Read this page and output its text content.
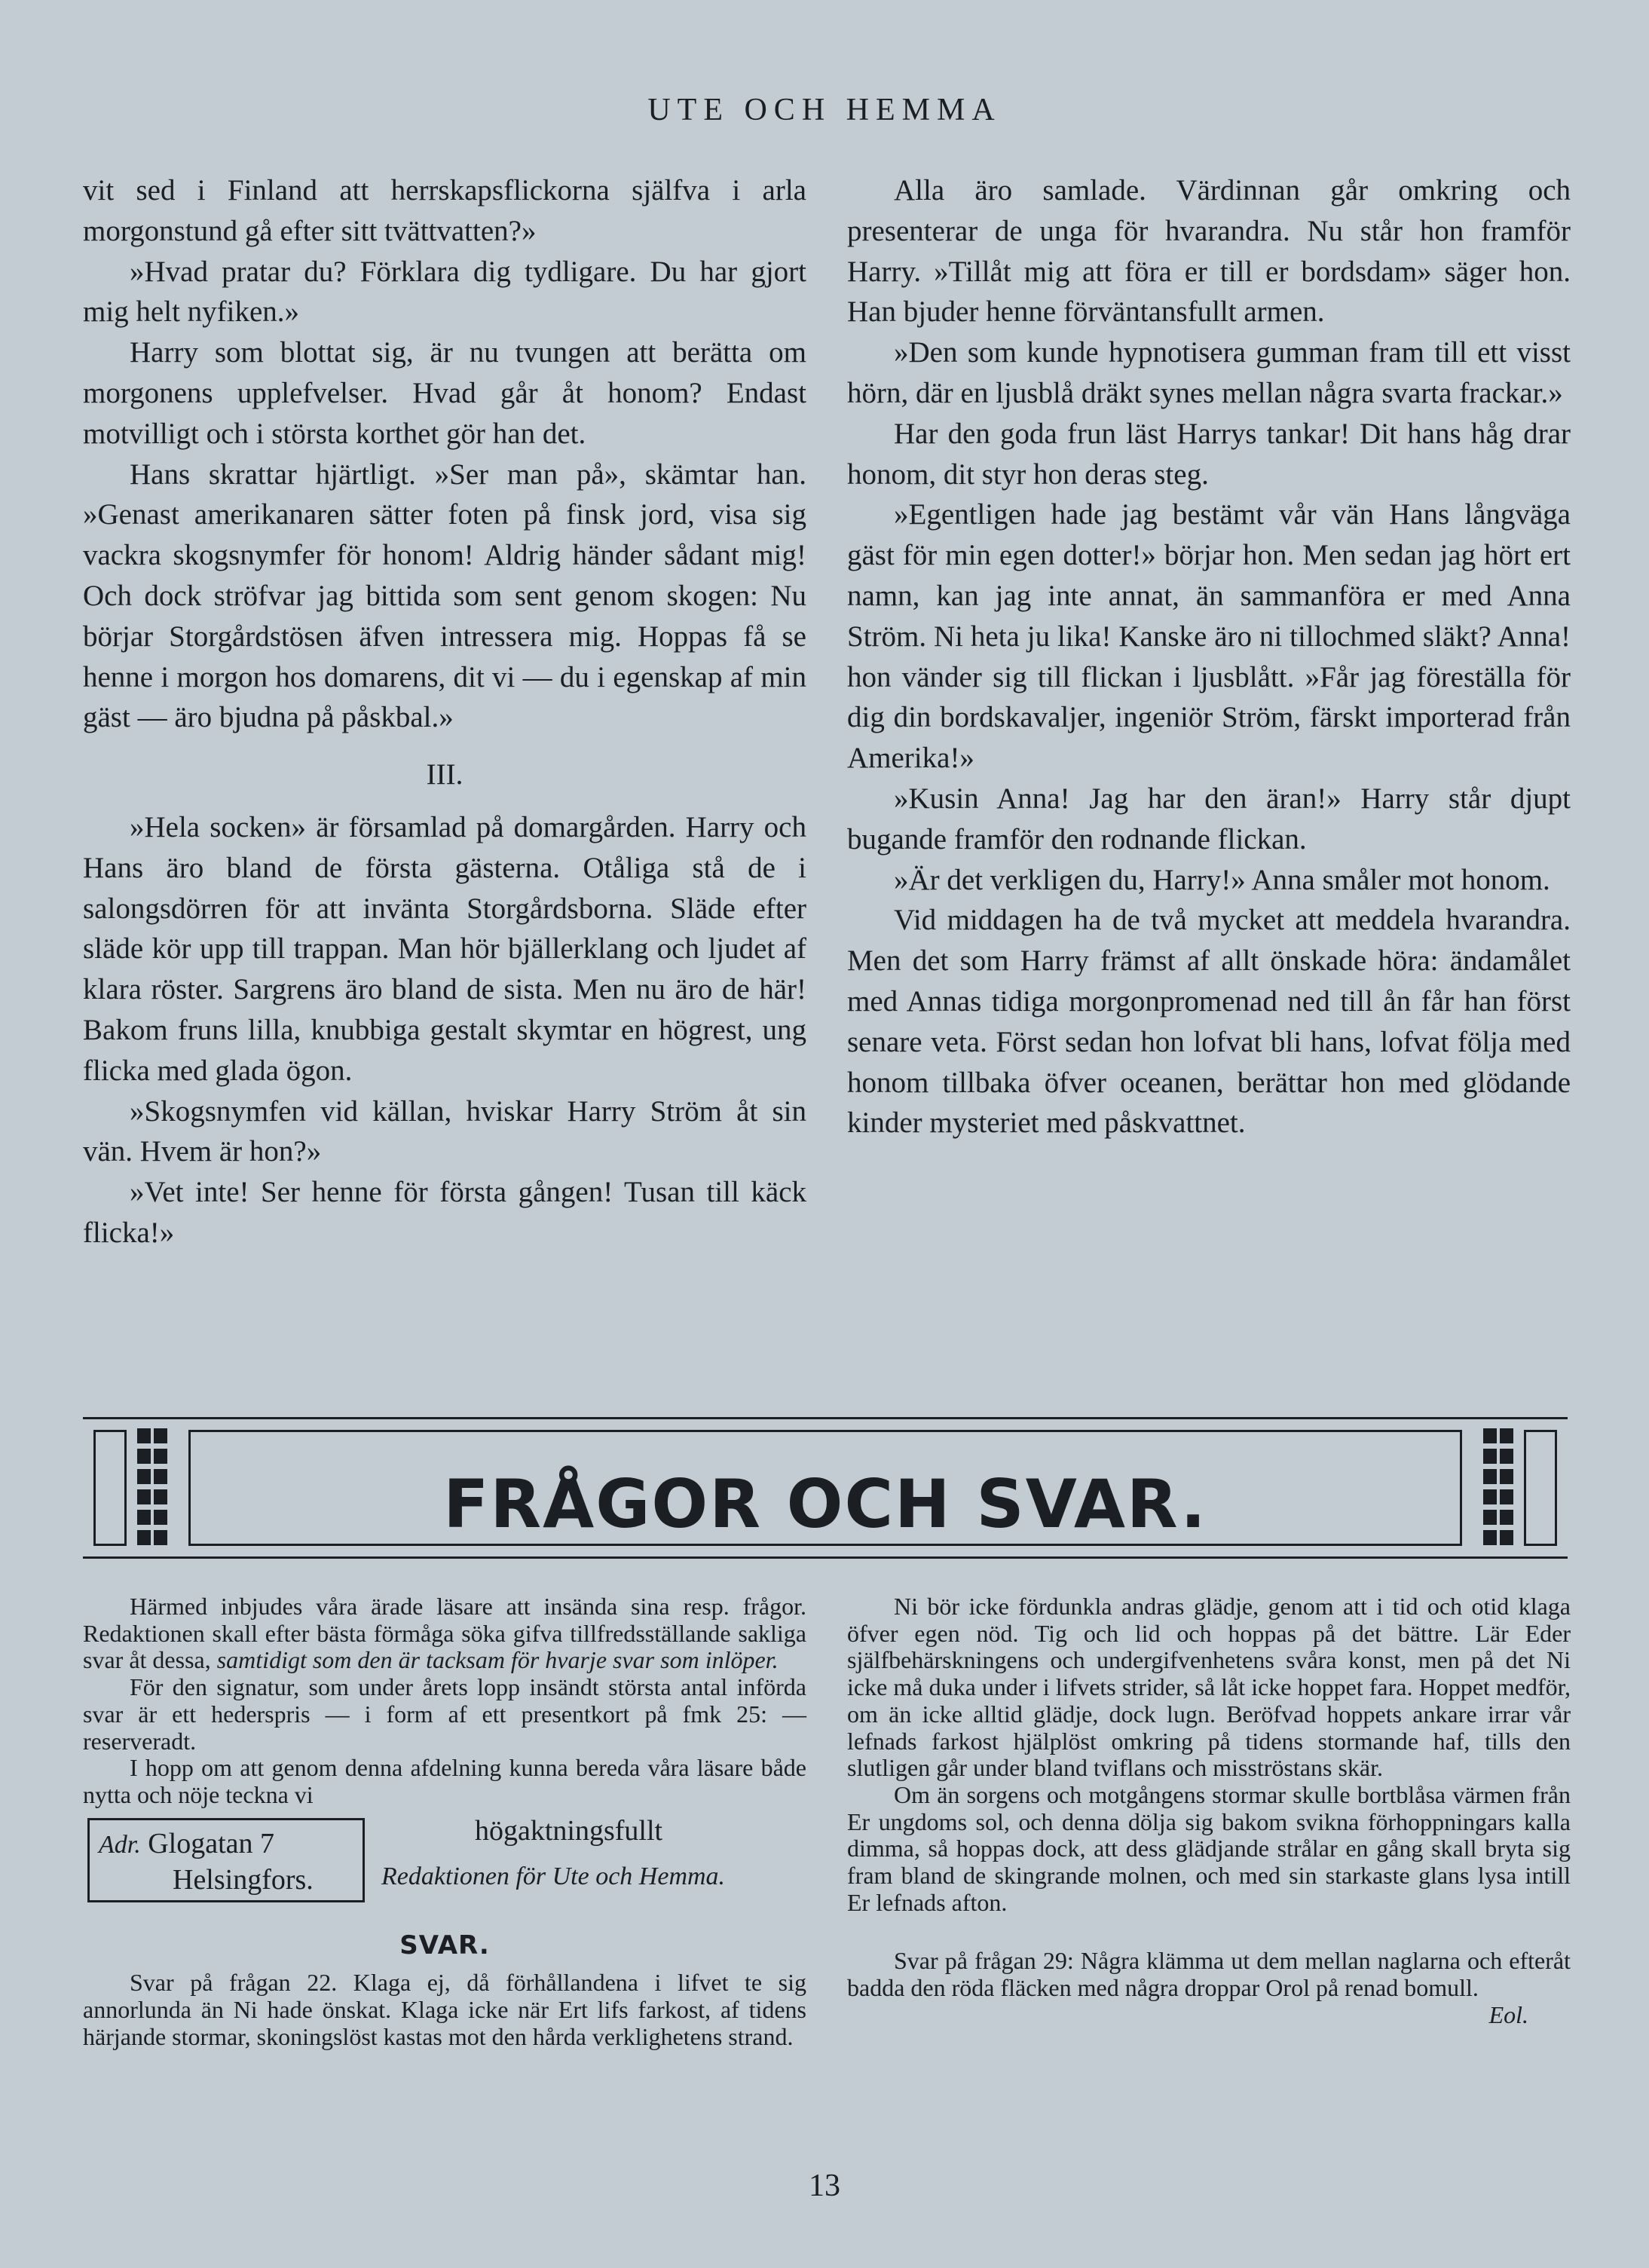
UTE OCH HEMMA

vit sed i Finland att herrskapsflickorna själfva i arla morgonstund gå efter sitt tvättvatten?»

»Hvad pratar du? Förklara dig tydligare. Du har gjort mig helt nyfiken.»

Harry som blottat sig, är nu tvungen att berätta om morgonens upplefvelser. Hvad går åt honom? Endast motvilligt och i största korthet gör han det.

Hans skrattar hjärtligt. »Ser man på», skämtar han. »Genast amerikanaren sätter foten på finsk jord, visa sig vackra skogsnymfer för honom! Aldrig händer sådant mig! Och dock ströfvar jag bittida som sent genom skogen: Nu börjar Storgårdstösen äfven intressera mig. Hoppas få se henne i morgon hos domarens, dit vi — du i egenskap af min gäst — äro bjudna på påskbal.»

III.

»Hela socken» är församlad på domargården. Harry och Hans äro bland de första gästerna. Otåliga stå de i salongsdörren för att invänta Storgårdsborna. Släde efter släde kör upp till trappan. Man hör bjällerklang och ljudet af klara röster. Sargrens äro bland de sista. Men nu äro de här! Bakom fruns lilla, knubbiga gestalt skymtar en högrest, ung flicka med glada ögon.

»Skogsnymfen vid källan, hviskar Harry Ström åt sin vän. Hvem är hon?»

»Vet inte! Ser henne för första gången! Tusan till käck flicka!»

Alla äro samlade. Värdinnan går omkring och presenterar de unga för hvarandra. Nu står hon framför Harry. »Tillåt mig att föra er till er bordsdam» säger hon. Han bjuder henne förväntansfullt armen.

»Den som kunde hypnotisera gumman fram till ett visst hörn, där en ljusblå dräkt synes mellan några svarta frackar.»

Har den goda frun läst Harrys tankar! Dit hans håg drar honom, dit styr hon deras steg.

»Egentligen hade jag bestämt vår vän Hans långväga gäst för min egen dotter!» börjar hon. Men sedan jag hört ert namn, kan jag inte annat, än sammanföra er med Anna Ström. Ni heta ju lika! Kanske äro ni tillochmed släkt? Anna! hon vänder sig till flickan i ljusblått. »Får jag föreställa för dig din bordskavaljer, ingeniör Ström, färskt importerad från Amerika!»

»Kusin Anna! Jag har den äran!» Harry står djupt bugande framför den rodnande flickan.

»Är det verkligen du, Harry!» Anna småler mot honom.

Vid middagen ha de två mycket att meddela hvarandra. Men det som Harry främst af allt önskade höra: ändamålet med Annas tidiga morgonpromenad ned till ån får han först senare veta. Först sedan hon lofvat bli hans, lofvat följa med honom tillbaka öfver oceanen, berättar hon med glödande kinder mysteriet med påskvattnet.

FRÅGOR OCH SVAR.

Härmed inbjudes våra ärade läsare att insända sina resp. frågor. Redaktionen skall efter bästa förmåga söka gifva tillfredsställande sakliga svar åt dessa, samtidigt som den är tacksam för hvarje svar som inlöper.

För den signatur, som under årets lopp insändt största antal införda svar är ett hederspris — i form af ett presentkort på fmk 25: — reserveradt.

I hopp om att genom denna afdelning kunna bereda våra läsare både nytta och nöje teckna vi

Adr. Glogatan 7
Helsingfors.
högaktningsfullt
Redaktionen för Ute och Hemma.
SVAR.

Svar på frågan 22. Klaga ej, då förhållandena i lifvet te sig annorlunda än Ni hade önskat. Klaga icke när Ert lifs farkost, af tidens härjande stormar, skoningslöst kastas mot den hårda verklighetens strand.

Ni bör icke fördunkla andras glädje, genom att i tid och otid klaga öfver egen nöd. Tig och lid och hoppas på det bättre. Lär Eder själfbehärskningens och undergifvenhetens svåra konst, men på det Ni icke må duka under i lifvets strider, så låt icke hoppet fara. Hoppet medför, om än icke alltid glädje, dock lugn. Beröfvad hoppets ankare irrar vår lefnads farkost hjälplöst omkring på tidens stormande haf, tills den slutligen går under bland tviflans och misströstans skär.

Om än sorgens och motgångens stormar skulle bortblåsa värmen från Er ungdoms sol, och denna dölja sig bakom svikna förhoppningars kalla dimma, så hoppas dock, att dess glädjande strålar en gång skall bryta sig fram bland de skingrande molnen, och med sin starkaste glans lysa intill Er lefnads afton.

Svar på frågan 29: Några klämma ut dem mellan naglarna och efteråt badda den röda fläcken med några droppar Orol på renad bomull.
Eol.

13
